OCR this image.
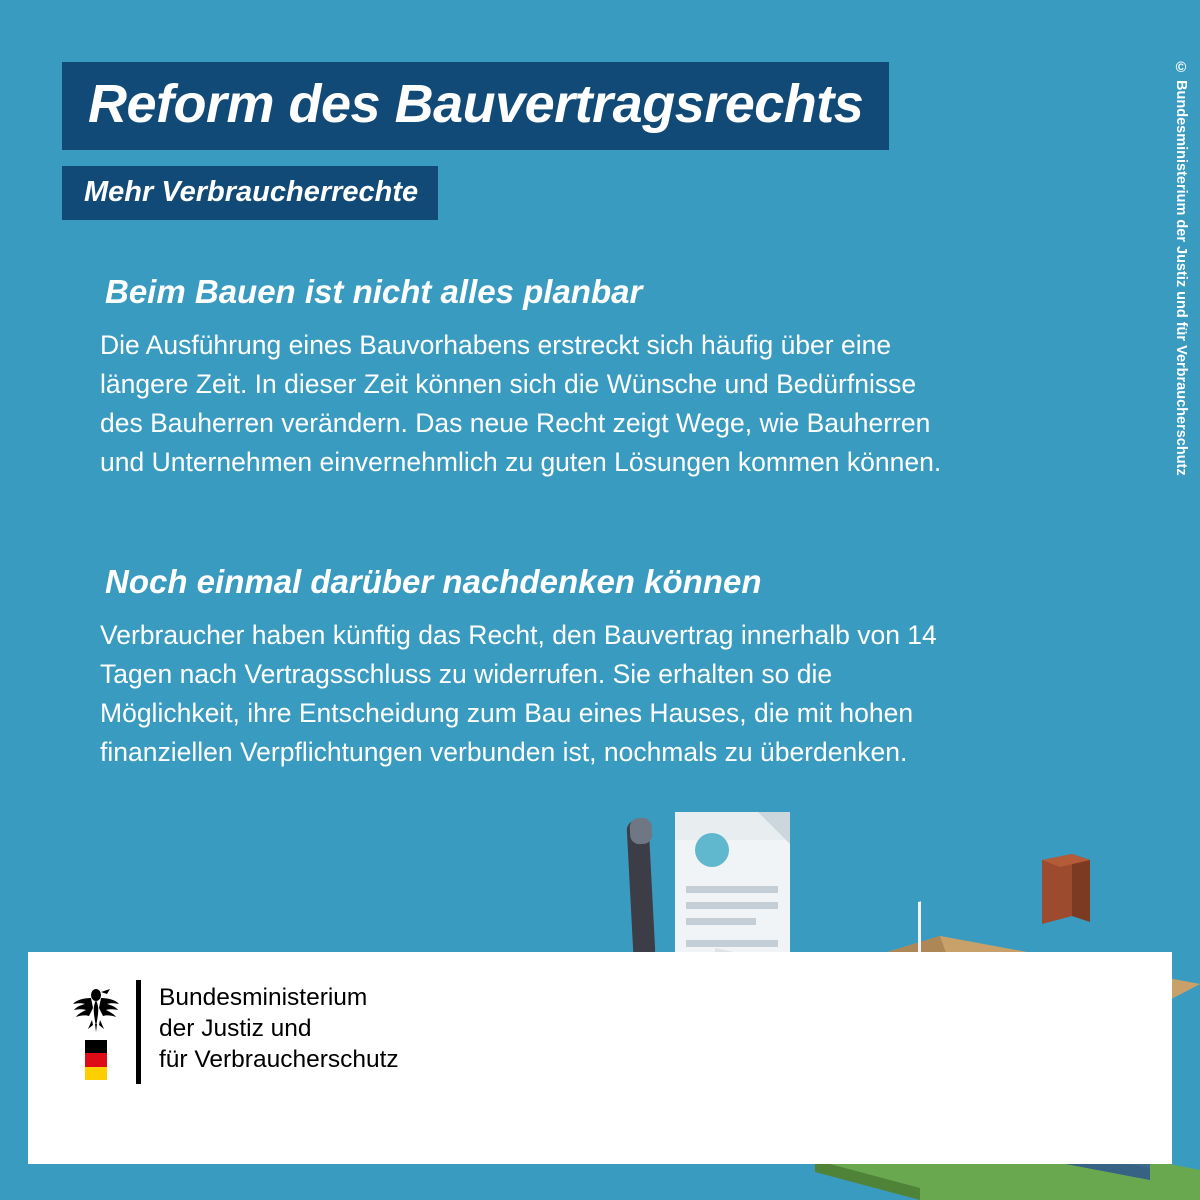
Reform des Bauvertragsrechts
Mehr Verbraucherrechte	© Bundesministerium der Justiz und für Verbraucherschutz
Beim Bauen ist nicht alles planbar

Die Ausführung eines Bauvorhabens erstreckt sich häufig über eine längere Zeit. In dieser Zeit können sich die Wünsche und Bedürfnisse des Bauherren verändern. Das neue Recht zeigt Wege, wie Bauherren und Unternehmen einvernehmlich zu guten Lösungen kommen können.

Noch einmal darüber nachdenken können

Verbraucher haben künftig das Recht, den Bauvertrag innerhalb von 14 Tagen nach Vertragsschluss zu widerrufen. Sie erhalten so die Möglichkeit, ihre Entscheidung zum Bau eines Hauses, die mit hohen finanziellen Verpflichtungen verbunden ist, nochmals zu überdenken.

Bundesministerium
der Justiz und
für Verbraucherschutz
